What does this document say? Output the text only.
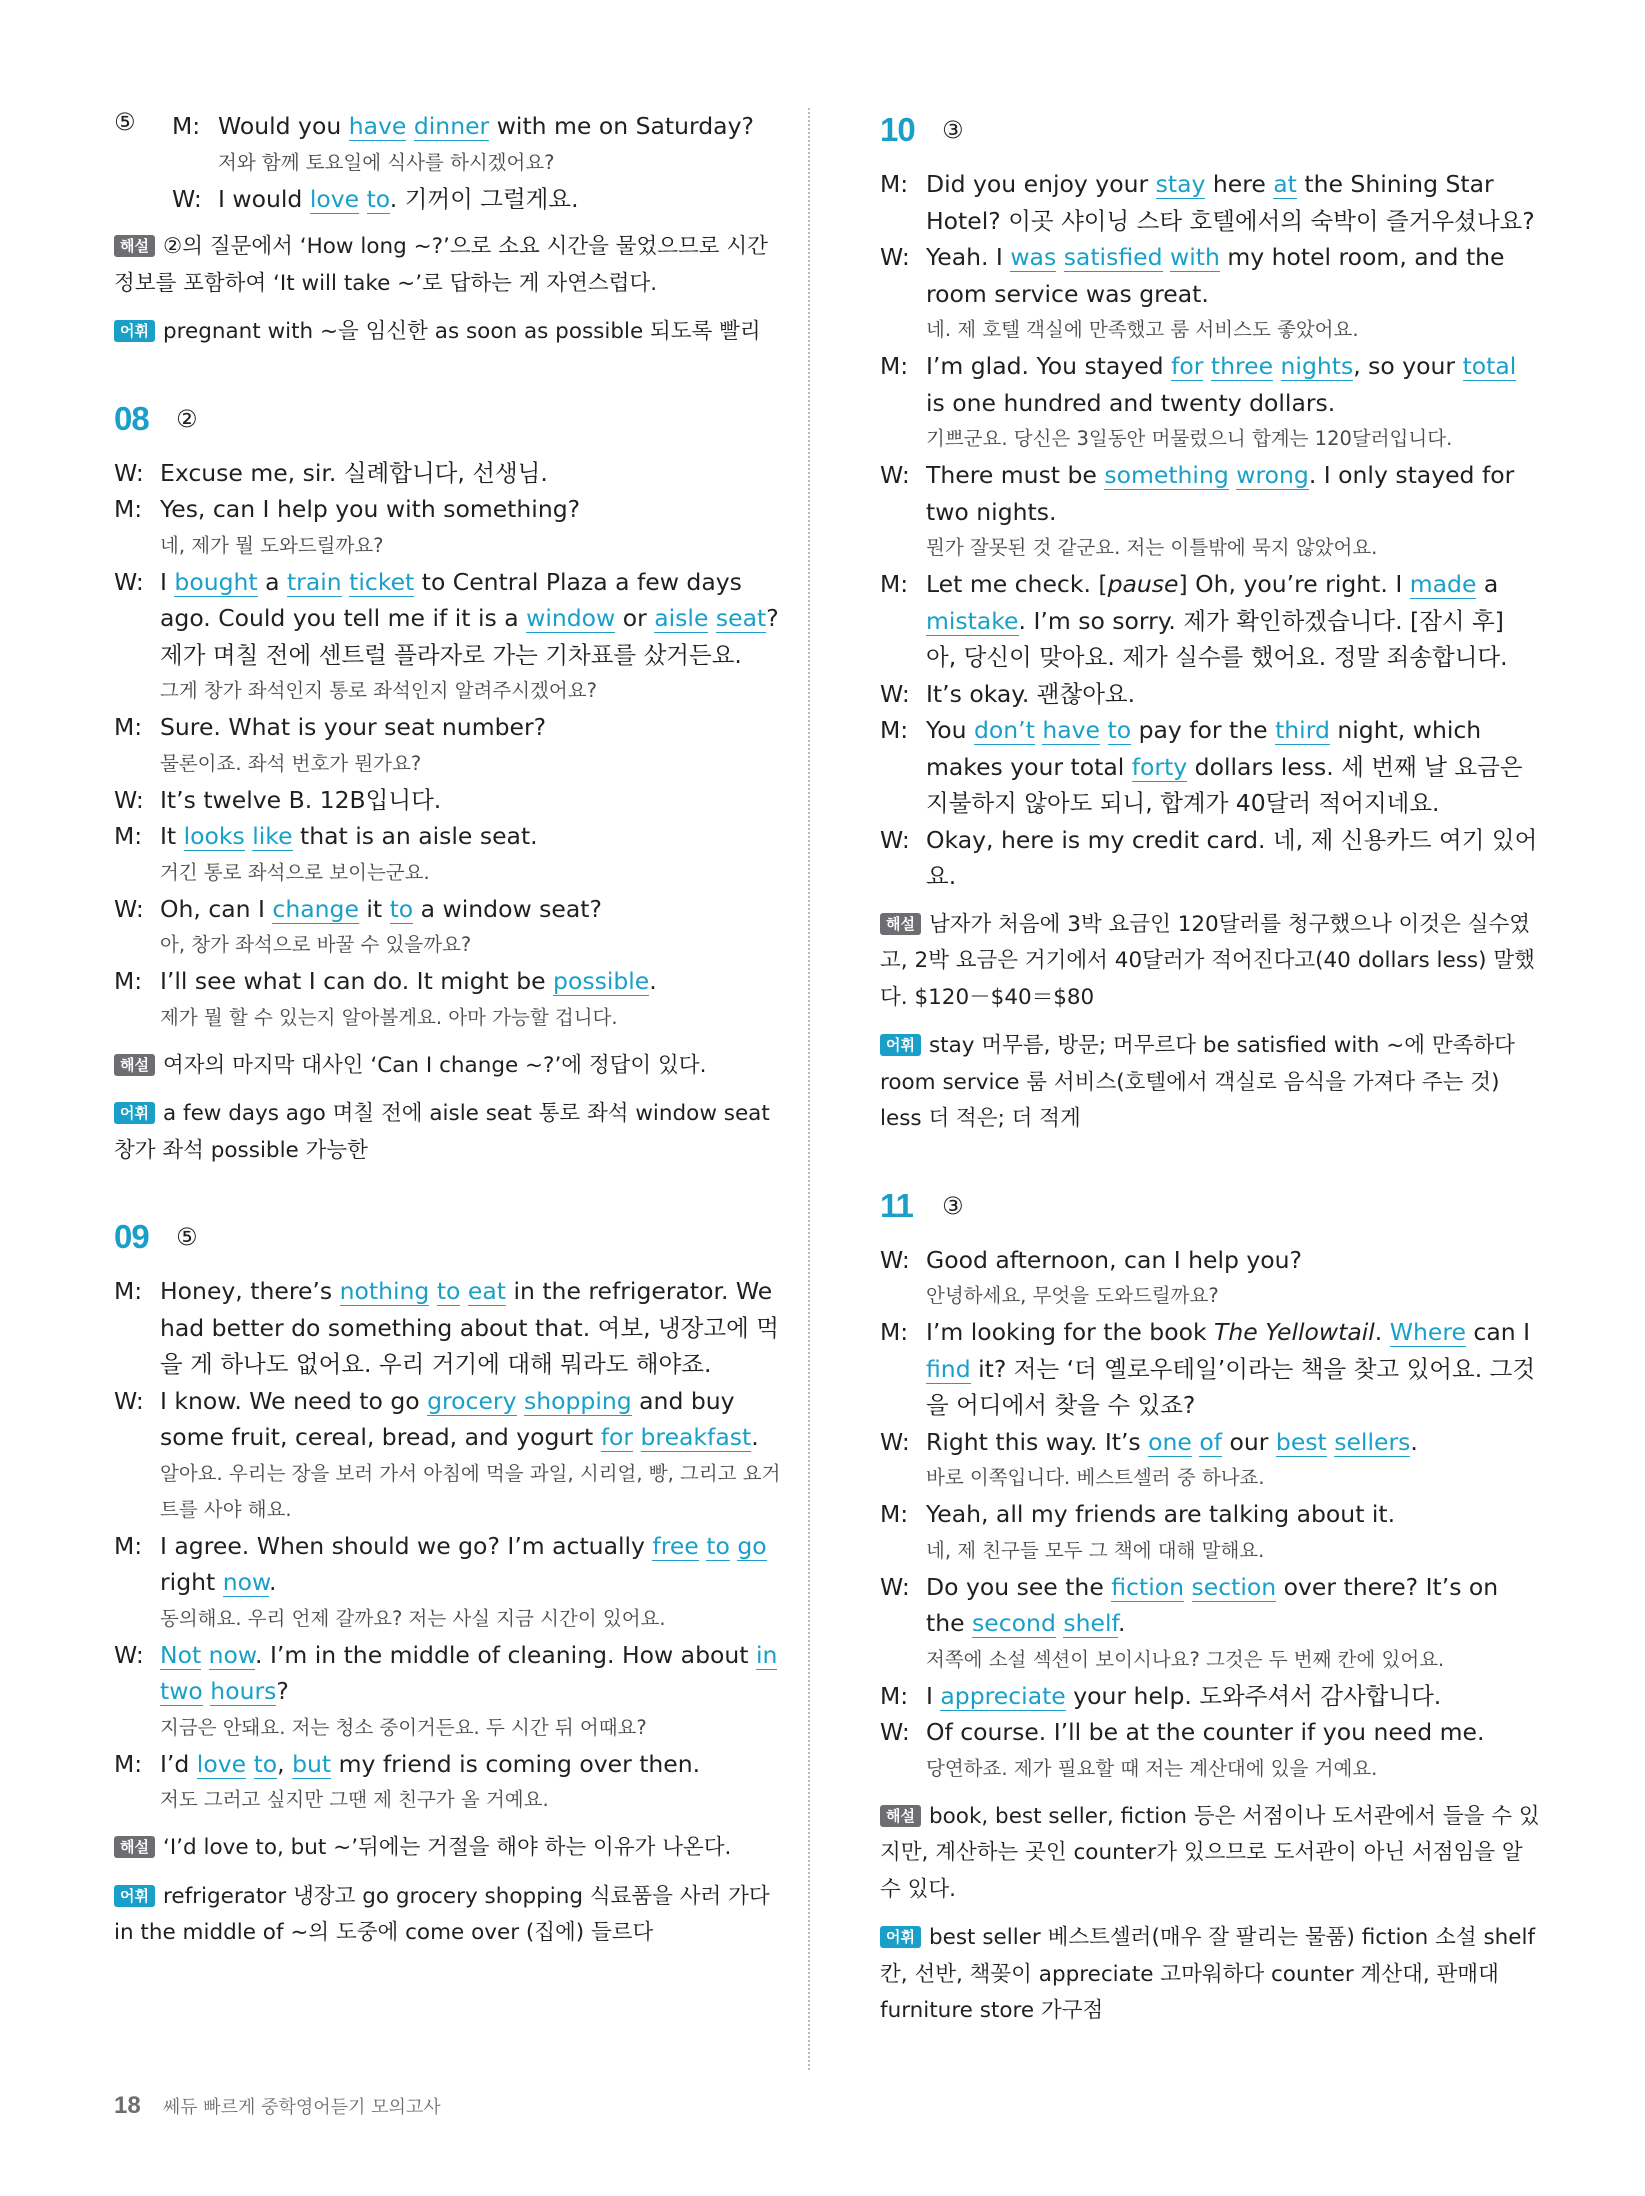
⑤	M: Would you have dinner with me on Saturday?
저와 함께 토요일에 식사를 하시겠어요?
W: I would love to. 기꺼이 그럴게요.
해설 ②의 질문에서 ‘How long ~?’으로 소요 시간을 물었으므로 시간 정보를 포함하여 ‘It will take ~’로 답하는 게 자연스럽다.
어휘 pregnant with ~을 임신한 as soon as possible 되도록 빨리
08	②
W: Excuse me, sir. 실례합니다, 선생님.
M: Yes, can I help you with something?
네, 제가 뭘 도와드릴까요?
W: I bought a train ticket to Central Plaza a few days ago. Could you tell me if it is a window or aisle seat? 제가 며칠 전에 센트럴 플라자로 가는 기차표를 샀거든요.
그게 창가 좌석인지 통로 좌석인지 알려주시겠어요?
M: Sure. What is your seat number?
물론이죠. 좌석 번호가 뭔가요?
W: It’s twelve B. 12B입니다.
M: It looks like that is an aisle seat.
거긴 통로 좌석으로 보이는군요.
W: Oh, can I change it to a window seat?
아, 창가 좌석으로 바꿀 수 있을까요?
M: I’ll see what I can do. It might be possible.
제가 뭘 할 수 있는지 알아볼게요. 아마 가능할 겁니다.
해설 여자의 마지막 대사인 ‘Can I change ~?’에 정답이 있다.
어휘 a few days ago 며칠 전에 aisle seat 통로 좌석 window seat 창가 좌석 possible 가능한
09	⑤
M: Honey, there’s nothing to eat in the refrigerator. We had better do something about that. 여보, 냉장고에 먹을 게 하나도 없어요. 우리 거기에 대해 뭐라도 해야죠.
W: I know. We need to go grocery shopping and buy some fruit, cereal, bread, and yogurt for breakfast.
알아요. 우리는 장을 보러 가서 아침에 먹을 과일, 시리얼, 빵, 그리고 요거트를 사야 해요.
M: I agree. When should we go? I’m actually free to go right now.
동의해요. 우리 언제 갈까요? 저는 사실 지금 시간이 있어요.
W: Not now. I’m in the middle of cleaning. How about in two hours?
지금은 안돼요. 저는 청소 중이거든요. 두 시간 뒤 어때요?
M: I’d love to, but my friend is coming over then.
저도 그러고 싶지만 그땐 제 친구가 올 거예요.
해설 ‘I’d love to, but ~’뒤에는 거절을 해야 하는 이유가 나온다.
어휘 refrigerator 냉장고 go grocery shopping 식료품을 사러 가다 in the middle of ~의 도중에 come over (집에) 들르다
10	③
M: Did you enjoy your stay here at the Shining Star Hotel? 이곳 샤이닝 스타 호텔에서의 숙박이 즐거우셨나요?
W: Yeah. I was satisfied with my hotel room, and the room service was great.
네. 제 호텔 객실에 만족했고 룸 서비스도 좋았어요.
M: I’m glad. You stayed for three nights, so your total is one hundred and twenty dollars.
기쁘군요. 당신은 3일동안 머물렀으니 합계는 120달러입니다.
W: There must be something wrong. I only stayed for two nights.
뭔가 잘못된 것 같군요. 저는 이틀밖에 묵지 않았어요.
M: Let me check. [pause] Oh, you’re right. I made a mistake. I’m so sorry. 제가 확인하겠습니다. [잠시 후] 아, 당신이 맞아요. 제가 실수를 했어요. 정말 죄송합니다.
W: It’s okay. 괜찮아요.
M: You don’t have to pay for the third night, which makes your total forty dollars less. 세 번째 날 요금은 지불하지 않아도 되니, 합계가 40달러 적어지네요.
W: Okay, here is my credit card. 네, 제 신용카드 여기 있어요.
해설 남자가 처음에 3박 요금인 120달러를 청구했으나 이것은 실수였고, 2박 요금은 거기에서 40달러가 적어진다고(40 dollars less) 말했다. $120－$40＝$80
어휘 stay 머무름, 방문; 머무르다 be satisfied with ~에 만족하다 room service 룸 서비스(호텔에서 객실로 음식을 가져다 주는 것) less 더 적은; 더 적게
11	③
W: Good afternoon, can I help you?
안녕하세요, 무엇을 도와드릴까요?
M: I’m looking for the book The Yellowtail. Where can I find it? 저는 ‘더 옐로우테일’이라는 책을 찾고 있어요. 그것을 어디에서 찾을 수 있죠?
W: Right this way. It’s one of our best sellers.
바로 이쪽입니다. 베스트셀러 중 하나죠.
M: Yeah, all my friends are talking about it.
네, 제 친구들 모두 그 책에 대해 말해요.
W: Do you see the fiction section over there? It’s on the second shelf.
저쪽에 소설 섹션이 보이시나요? 그것은 두 번째 칸에 있어요.
M: I appreciate your help. 도와주셔서 감사합니다.
W: Of course. I’ll be at the counter if you need me.
당연하죠. 제가 필요할 때 저는 계산대에 있을 거예요.
해설 book, best seller, fiction 등은 서점이나 도서관에서 들을 수 있지만, 계산하는 곳인 counter가 있으므로 도서관이 아닌 서점임을 알 수 있다.
어휘 best seller 베스트셀러(매우 잘 팔리는 물품) fiction 소설 shelf 칸, 선반, 책꽂이 appreciate 고마워하다 counter 계산대, 판매대 furniture store 가구점
18 쎄듀 빠르게 중학영어듣기 모의고사
